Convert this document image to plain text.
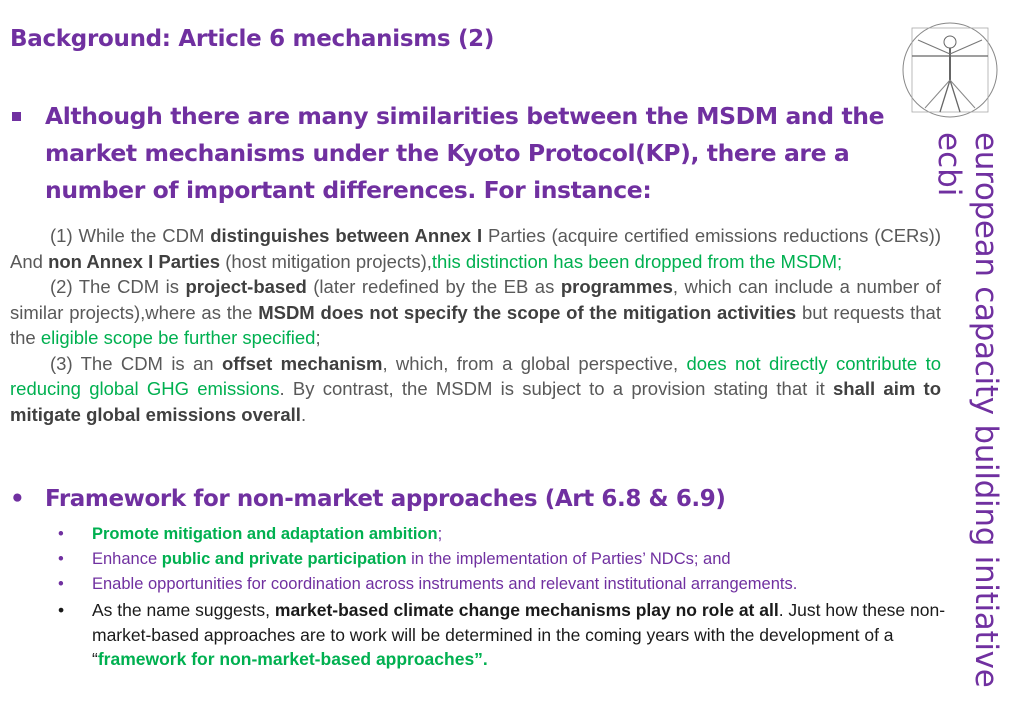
Background: Article 6 mechanisms (2)
Although there are many similarities between the MSDM and the market mechanisms under the Kyoto Protocol(KP), there are a number of important differences. For instance:

(1) While the CDM distinguishes between Annex I Parties (acquire certified emissions reductions (CERs)) And non Annex I Parties (host mitigation projects),this distinction has been dropped from the MSDM;

(2) The CDM is project-based (later redefined by the EB as programmes, which can include a number of similar projects),where as the MSDM does not specify the scope of the mitigation activities but requests that the eligible scope be further specified;

(3) The CDM is an offset mechanism, which, from a global perspective, does not directly contribute to reducing global GHG emissions. By contrast, the MSDM is subject to a provision stating that it shall aim to mitigate global emissions overall.

• Framework for non-market approaches (Art 6.8 & 6.9)
• Promote mitigation and adaptation ambition;
• Enhance public and private participation in the implementation of Parties’ NDCs; and
• Enable opportunities for coordination across instruments and relevant institutional arrangements.
• As the name suggests, market-based climate change mechanisms play no role at all. Just how these non-market-based approaches are to work will be determined in the coming years with the development of a “framework for non-market-based approaches”.	european capacity building initiative
ecbi
